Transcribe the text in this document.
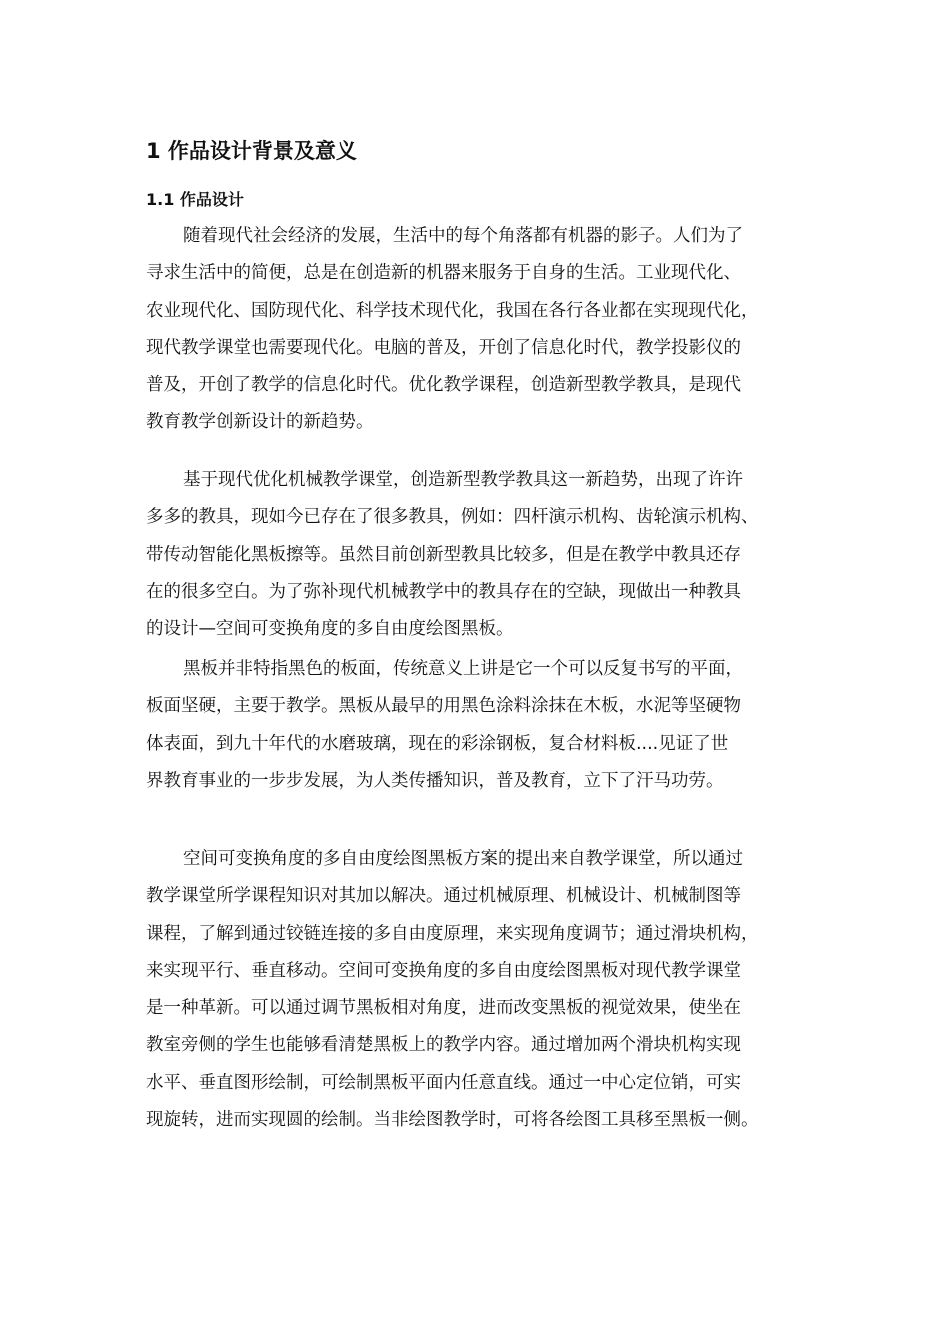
1 作品设计背景及意义
1.1 作品设计
随着现代社会经济的发展，生活中的每个角落都有机器的影子。人们为了
寻求生活中的简便，总是在创造新的机器来服务于自身的生活。工业现代化、
农业现代化、国防现代化、科学技术现代化，我国在各行各业都在实现现代化，
现代教学课堂也需要现代化。电脑的普及，开创了信息化时代，教学投影仪的
普及，开创了教学的信息化时代。优化教学课程，创造新型教学教具，是现代
教育教学创新设计的新趋势。
基于现代优化机械教学课堂，创造新型教学教具这一新趋势，出现了许许
多多的教具，现如今已存在了很多教具，例如：四杆演示机构、齿轮演示机构、
带传动智能化黑板擦等。虽然目前创新型教具比较多，但是在教学中教具还存
在的很多空白。为了弥补现代机械教学中的教具存在的空缺，现做出一种教具
的设计—空间可变换角度的多自由度绘图黑板。
黑板并非特指黑色的板面，传统意义上讲是它一个可以反复书写的平面，
板面坚硬，主要于教学。黑板从最早的用黑色涂料涂抹在木板，水泥等坚硬物
体表面，到九十年代的水磨玻璃，现在的彩涂钢板，复合材料板....见证了世
界教育事业的一步步发展，为人类传播知识，普及教育，立下了汗马功劳。
空间可变换角度的多自由度绘图黑板方案的提出来自教学课堂，所以通过
教学课堂所学课程知识对其加以解决。通过机械原理、机械设计、机械制图等
课程，了解到通过铰链连接的多自由度原理，来实现角度调节；通过滑块机构，
来实现平行、垂直移动。空间可变换角度的多自由度绘图黑板对现代教学课堂
是一种革新。可以通过调节黑板相对角度，进而改变黑板的视觉效果，使坐在
教室旁侧的学生也能够看清楚黑板上的教学内容。通过增加两个滑块机构实现
水平、垂直图形绘制，可绘制黑板平面内任意直线。通过一中心定位销，可实
现旋转，进而实现圆的绘制。当非绘图教学时，可将各绘图工具移至黑板一侧。
